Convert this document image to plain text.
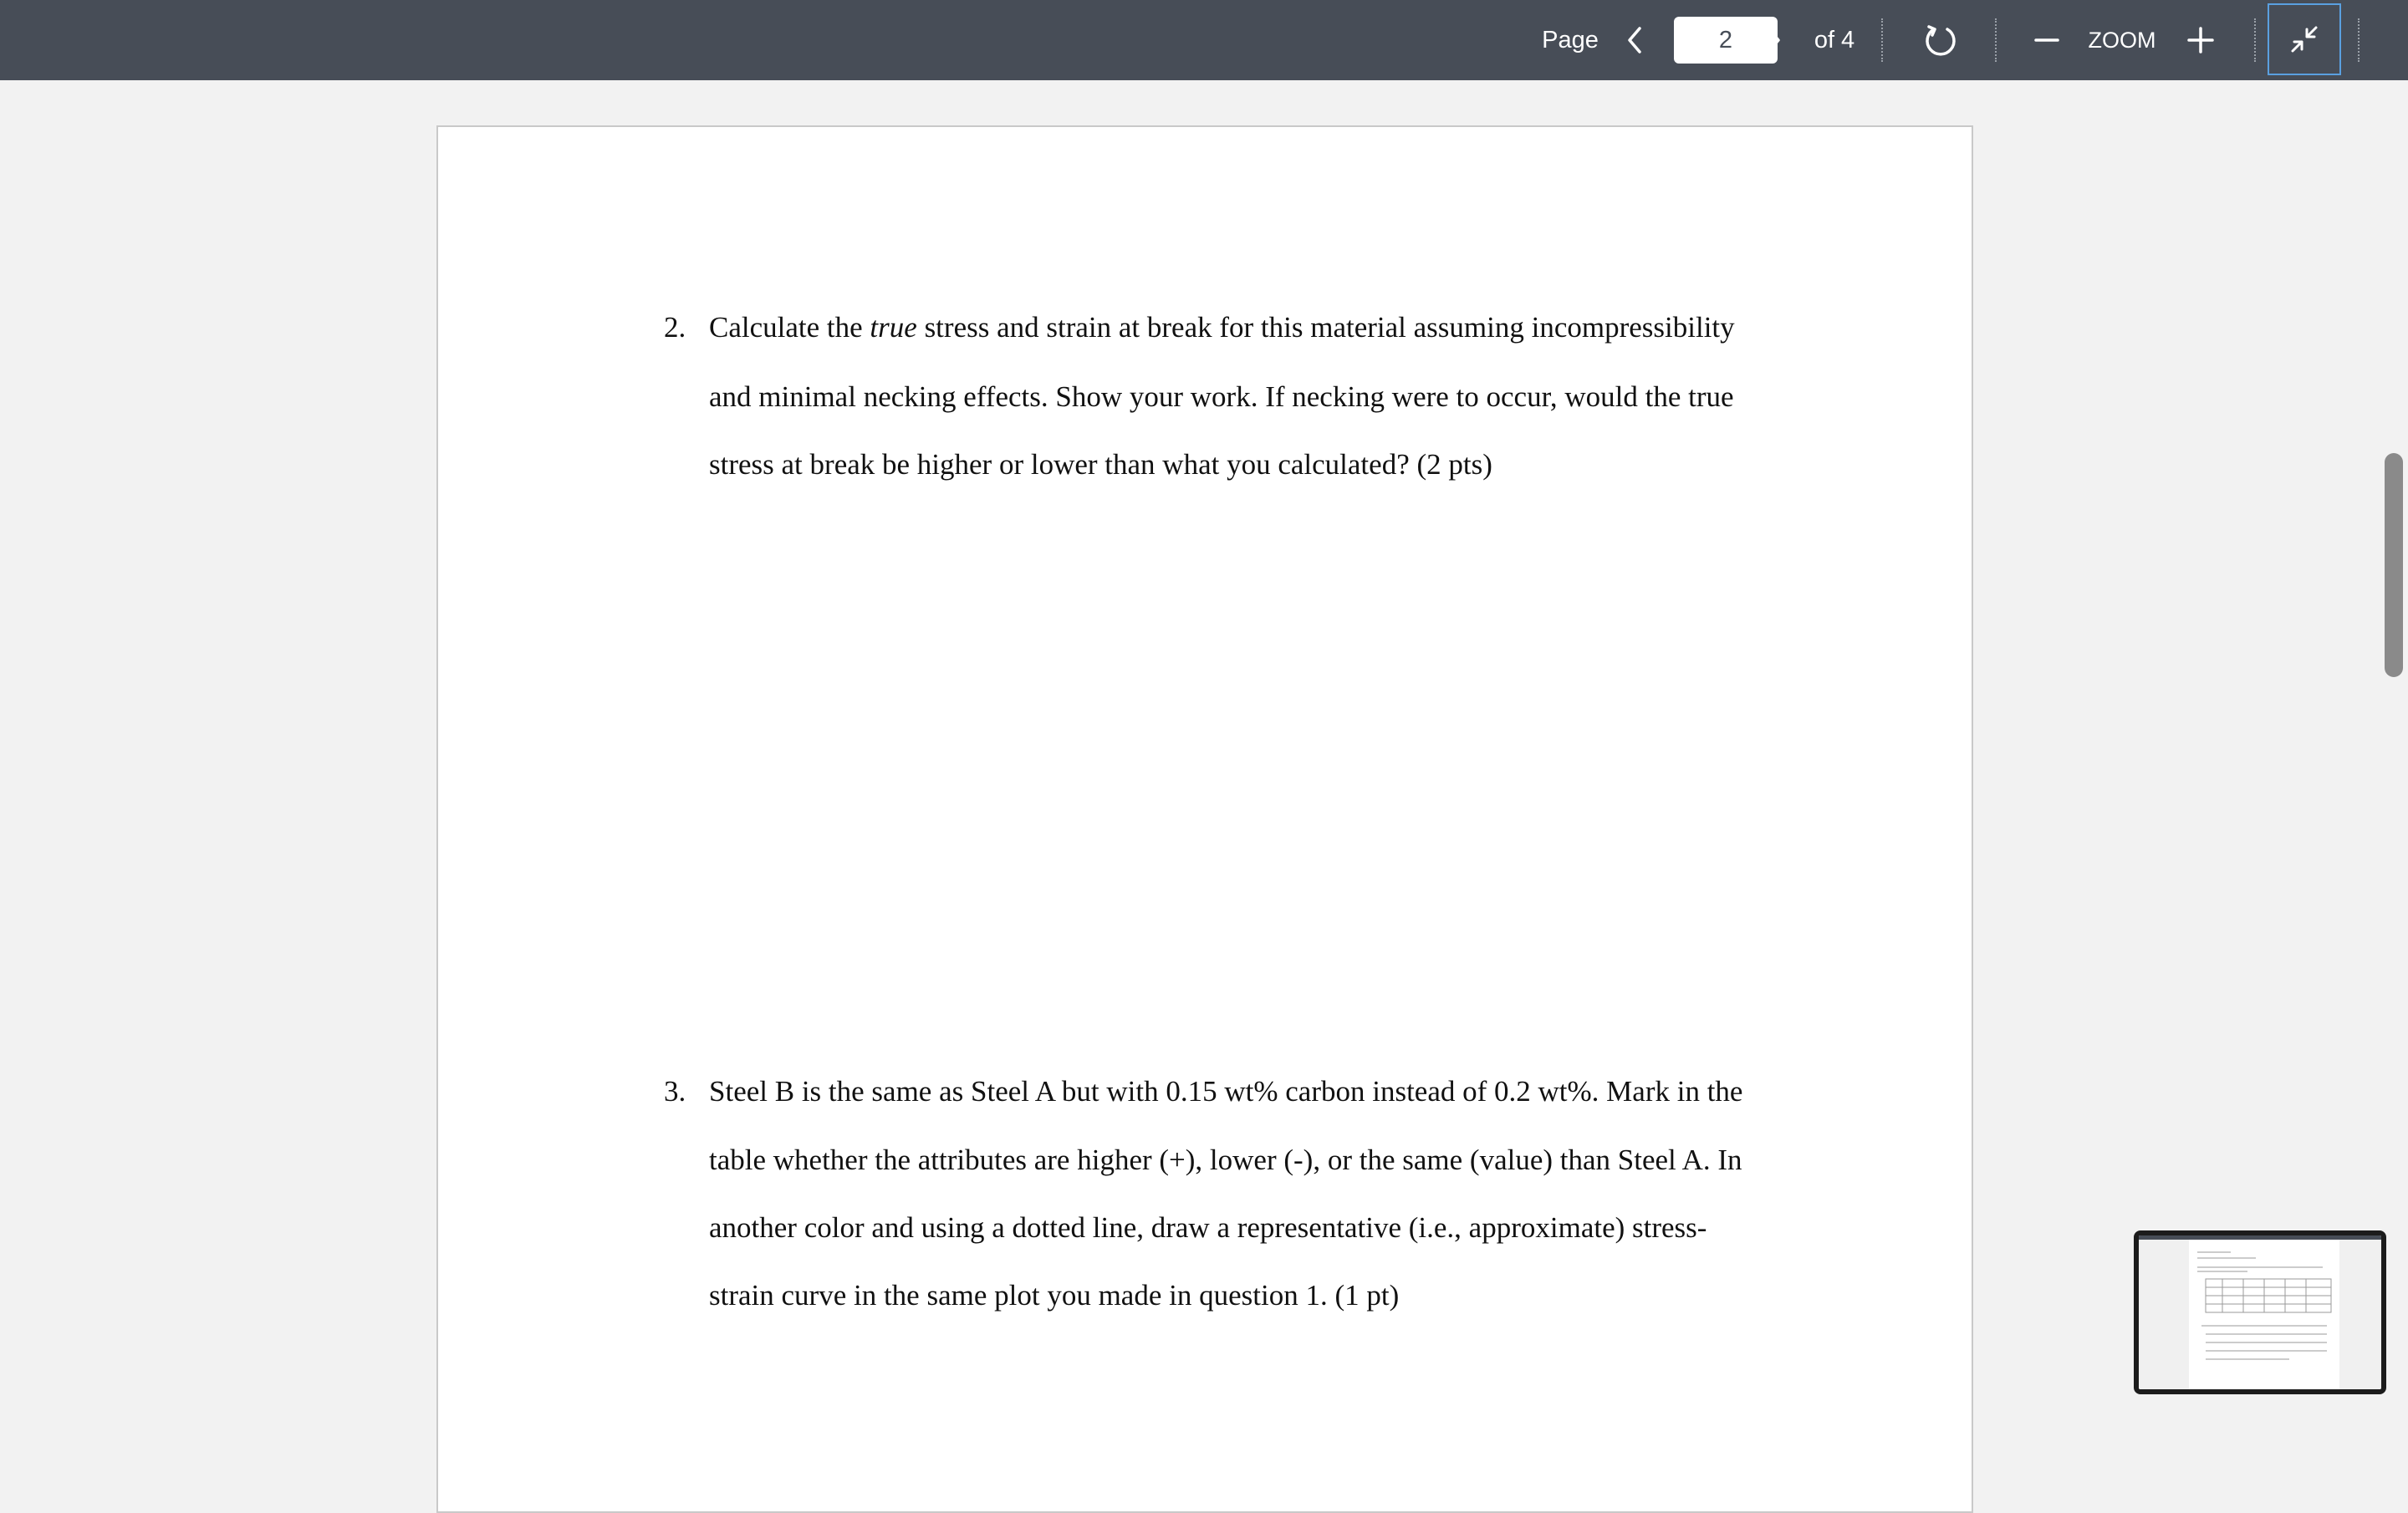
Page
2	of 4	ZOOM
2. Calculate the true stress and strain at break for this material assuming incompressibility
and minimal necking effects. Show your work. If necking were to occur, would the true
stress at break be higher or lower than what you calculated? (2 pts)
3. Steel B is the same as Steel A but with 0.15 wt% carbon instead of 0.2 wt%. Mark in the
table whether the attributes are higher (+), lower (-), or the same (value) than Steel A. In
another color and using a dotted line, draw a representative (i.e., approximate) stress-
strain curve in the same plot you made in question 1. (1 pt)
